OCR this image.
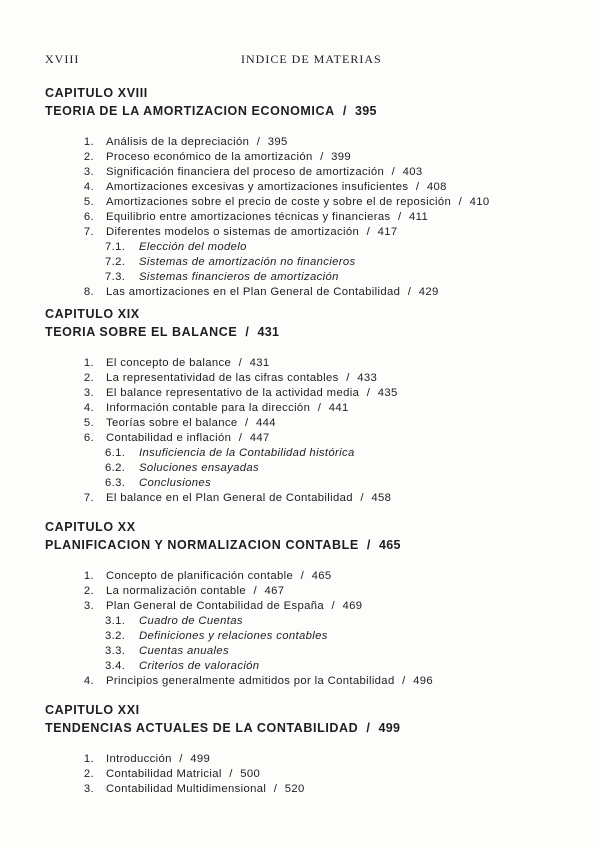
XVIII	INDICE DE MATERIAS
CAPITULO XVIII
TEORIA DE LA AMORTIZACION ECONOMICA / 395
1. Análisis de la depreciación / 395
2. Proceso económico de la amortización / 399
3. Significación financiera del proceso de amortización / 403
4. Amortizaciones excesivas y amortizaciones insuficientes / 408
5. Amortizaciones sobre el precio de coste y sobre el de reposición / 410
6. Equilibrio entre amortizaciones técnicas y financieras / 411
7. Diferentes modelos o sistemas de amortización / 417
7.1. Elección del modelo
7.2. Sistemas de amortización no financieros
7.3. Sistemas financieros de amortización
8. Las amortizaciones en el Plan General de Contabilidad / 429
CAPITULO XIX
TEORIA SOBRE EL BALANCE / 431
1. El concepto de balance / 431
2. La representatividad de las cifras contables / 433
3. El balance representativo de la actividad media / 435
4. Información contable para la dirección / 441
5. Teorías sobre el balance / 444
6. Contabilidad e inflación / 447
6.1. Insuficiencia de la Contabilidad histórica
6.2. Soluciones ensayadas
6.3. Conclusiones
7. El balance en el Plan General de Contabilidad / 458
CAPITULO XX
PLANIFICACION Y NORMALIZACION CONTABLE / 465
1. Concepto de planificación contable / 465
2. La normalización contable / 467
3. Plan General de Contabilidad de España / 469
3.1. Cuadro de Cuentas
3.2. Definiciones y relaciones contables
3.3. Cuentas anuales
3.4. Criterios de valoración
4. Principios generalmente admitidos por la Contabilidad / 496
CAPITULO XXI
TENDENCIAS ACTUALES DE LA CONTABILIDAD / 499
1. Introducción / 499
2. Contabilidad Matricial / 500
3. Contabilidad Multidimensional / 520
